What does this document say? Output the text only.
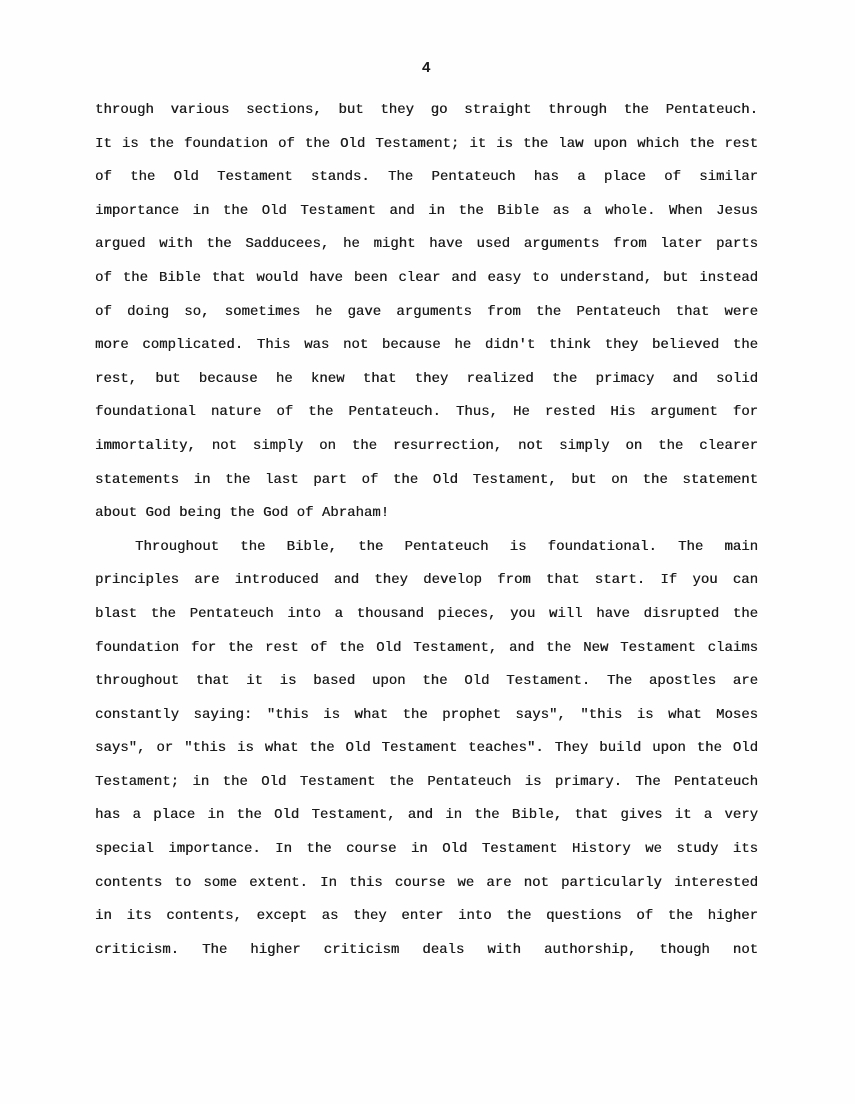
4
through various sections, but they go straight through the Pentateuch.
It is the foundation of the Old Testament; it is the law upon which the rest
of the Old Testament stands. The Pentateuch has a place of similar
importance in the Old Testament and in the Bible as a whole. When Jesus
argued with the Sadducees, he might have used arguments from later parts
of the Bible that would have been clear and easy to understand, but instead
of doing so, sometimes he gave arguments from the Pentateuch that were
more complicated. This was not because he didn't think they believed the
rest, but because he knew that they realized the primacy and solid
foundational nature of the Pentateuch. Thus, He rested His argument for
immortality, not simply on the resurrection, not simply on the clearer
statements in the last part of the Old Testament, but on the statement
about God being the God of Abraham!
Throughout the Bible, the Pentateuch is foundational. The main
principles are introduced and they develop from that start. If you can
blast the Pentateuch into a thousand pieces, you will have disrupted the
foundation for the rest of the Old Testament, and the New Testament claims
throughout that it is based upon the Old Testament. The apostles are
constantly saying: "this is what the prophet says", "this is what Moses
says", or "this is what the Old Testament teaches". They build upon the Old
Testament; in the Old Testament the Pentateuch is primary. The Pentateuch
has a place in the Old Testament, and in the Bible, that gives it a very
special importance. In the course in Old Testament History we study its
contents to some extent. In this course we are not particularly interested
in its contents, except as they enter into the questions of the higher
criticism. The higher criticism deals with authorship, though not
